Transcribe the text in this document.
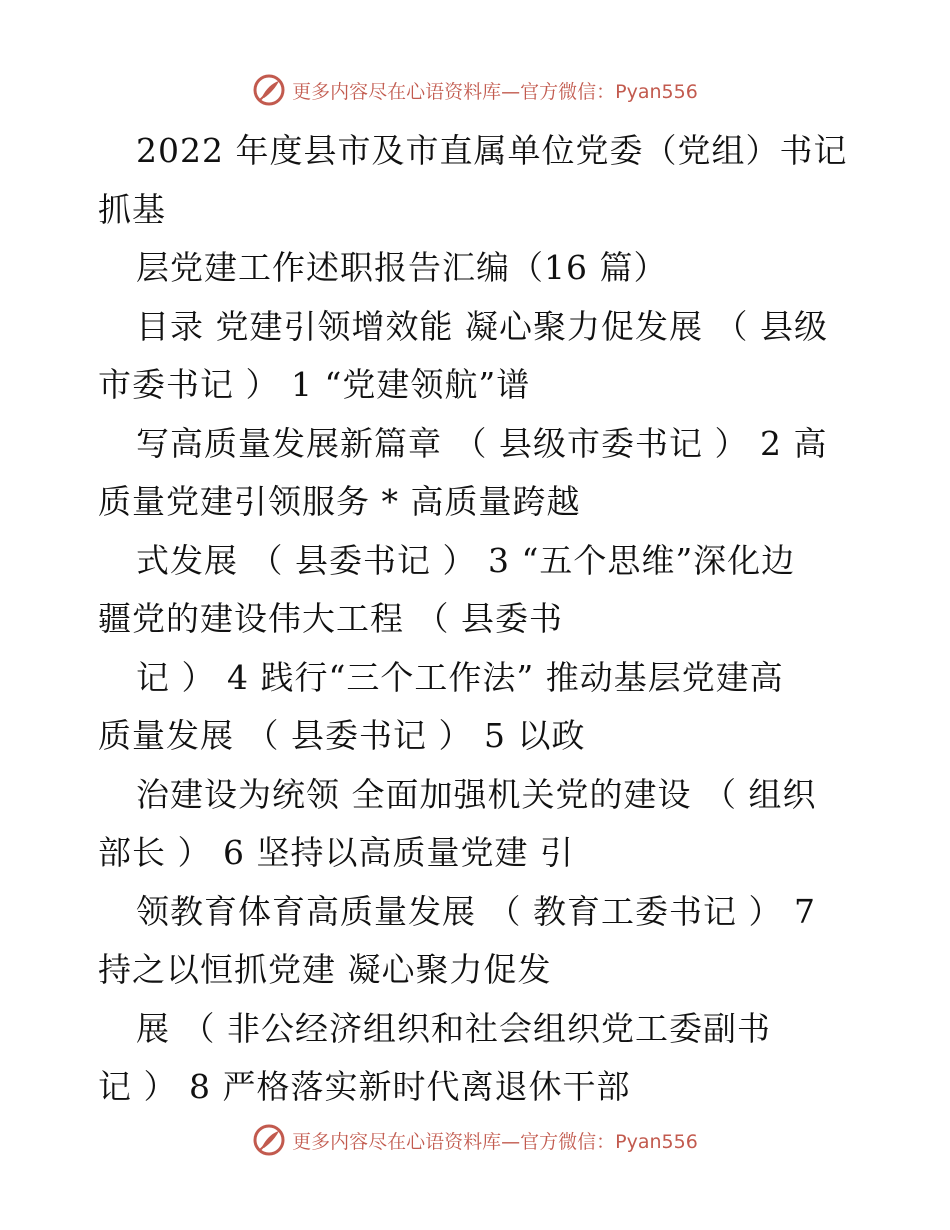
更多内容尽在心语资料库—官方微信：Pyan556
2022 年度县市及市直属单位党委（党组）书记
抓基
层党建工作述职报告汇编（16 篇）
目录 党建引领增效能 凝心聚力促发展 （ 县级
市委书记 ） 1 “党建领航”谱
写高质量发展新篇章 （ 县级市委书记 ） 2 高
质量党建引领服务 * 高质量跨越
式发展 （ 县委书记 ） 3 “五个思维”深化边
疆党的建设伟大工程 （ 县委书
记 ） 4 践行“三个工作法” 推动基层党建高
质量发展 （ 县委书记 ） 5 以政
治建设为统领 全面加强机关党的建设 （ 组织
部长 ） 6 坚持以高质量党建 引
领教育体育高质量发展 （ 教育工委书记 ） 7
持之以恒抓党建 凝心聚力促发
展 （ 非公经济组织和社会组织党工委副书
记 ） 8 严格落实新时代离退休干部
更多内容尽在心语资料库—官方微信：Pyan556
